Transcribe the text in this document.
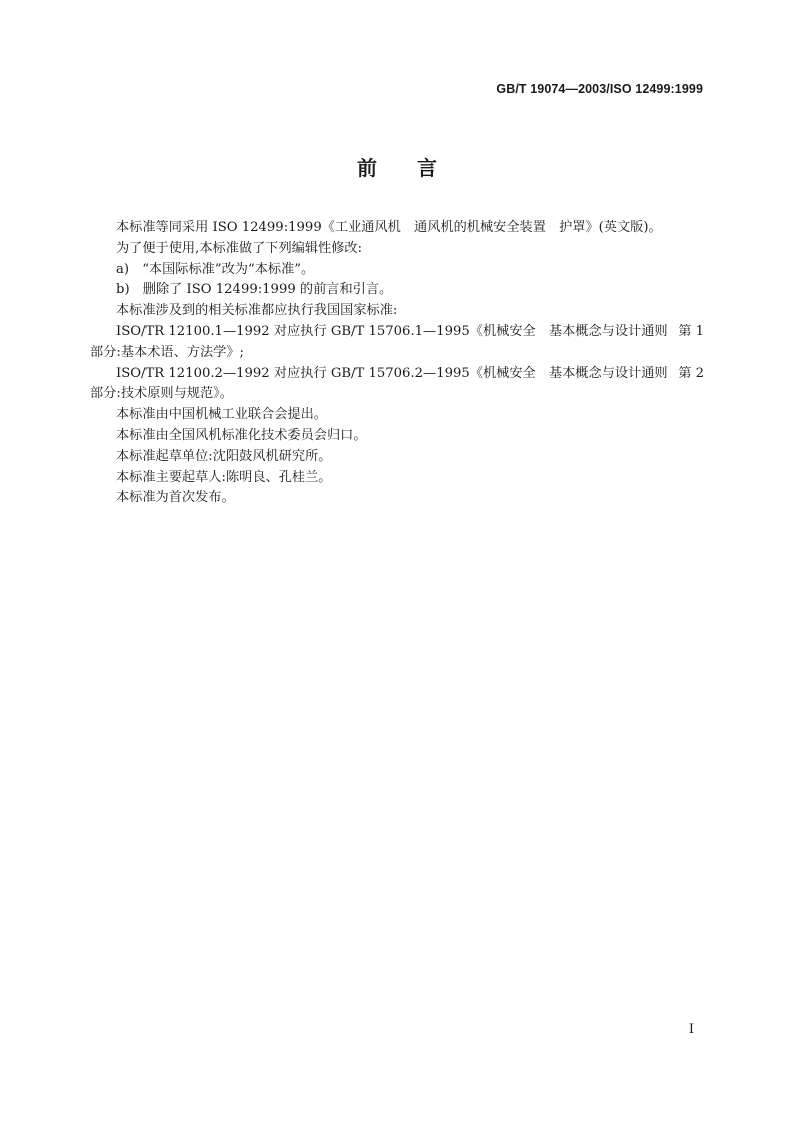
GB/T 19074—2003/ISO 12499:1999
前言
本标准等同采用 ISO 12499:1999《工业通风机　通风机的机械安全装置　护罩》(英文版)。
为了便于使用,本标准做了下列编辑性修改:
a)　“本国际标准”改为“本标准”。
b)　删除了 ISO 12499:1999 的前言和引言。
本标准涉及到的相关标准都应执行我国国家标准:
ISO/TR 12100.1—1992 对应执行 GB/T 15706.1—1995《机械安全　基本概念与设计通则 第 1
部分:基本术语、方法学》;
ISO/TR 12100.2—1992 对应执行 GB/T 15706.2—1995《机械安全　基本概念与设计通则 第 2
部分:技术原则与规范》。
本标准由中国机械工业联合会提出。
本标准由全国风机标准化技术委员会归口。
本标准起草单位:沈阳鼓风机研究所。
本标准主要起草人:陈明良、孔桂兰。
本标准为首次发布。
I
